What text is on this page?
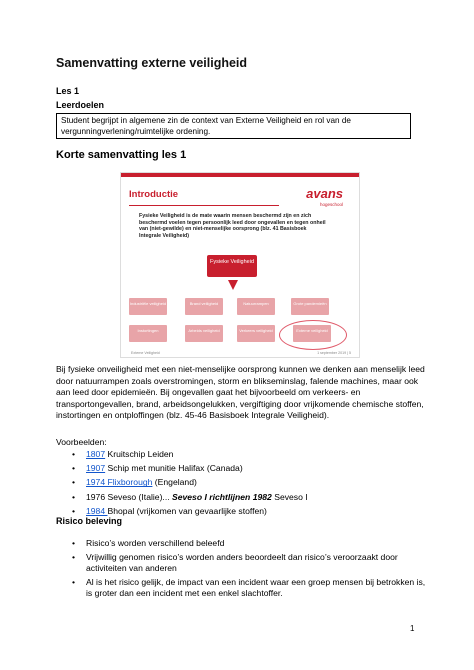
Samenvatting externe veiligheid
Les 1
Leerdoelen
Student begrijpt in algemene zin de context van Externe Veiligheid en rol van de vergunningverlening/ruimtelijke ordening.
Korte samenvatting les 1
Introductie	avans
hogeschool
Fysieke Veiligheid is de mate waarin mensen beschermd zijn en zich beschermd voelen tegen persoonlijk leed door ongevallen en tegen onheil van (niet-gewilde) en niet-menselijke oorsprong (blz. 41 Basisboek Integrale Veiligheid)
Fysieke Veiligheid
Industriële veiligheid	Brand veiligheid	Natuurrampen	Grote pandemieën
Instortingen	Arbeids veiligheid	Verkeers veiligheid	Externe veiligheid
Externe Veiligheid	1 september 2019 | 5
Bij fysieke onveiligheid met een niet-menselijke oorsprong kunnen we denken aan menselijk leed door natuurrampen zoals overstromingen, storm en blikseminslag, falende machines, maar ook aan leed door epidemieën. Bij ongevallen gaat het bijvoorbeeld om verkeers- en transportongevallen, brand, arbeidsongelukken, vergiftiging door vrijkomende chemische stoffen, instortingen en ontploffingen (blz. 45-46 Basisboek Integrale Veiligheid).
Voorbeelden:
• 1807 Kruitschip Leiden
• 1907 Schip met munitie Halifax (Canada)
• 1974 Flixborough (Engeland)
• 1976 Seveso (Italie)... Seveso I richtlijnen 1982 Seveso I
• 1984 Bhopal (vrijkomen van gevaarlijke stoffen)
Risico beleving
• Risico’s worden verschillend beleefd
• Vrijwillig genomen risico’s worden anders beoordeelt dan risico’s veroorzaakt door activiteiten van anderen
• Al is het risico gelijk, de impact van een incident waar een groep mensen bij betrokken is, is groter dan een incident met een enkel slachtoffer.
1
